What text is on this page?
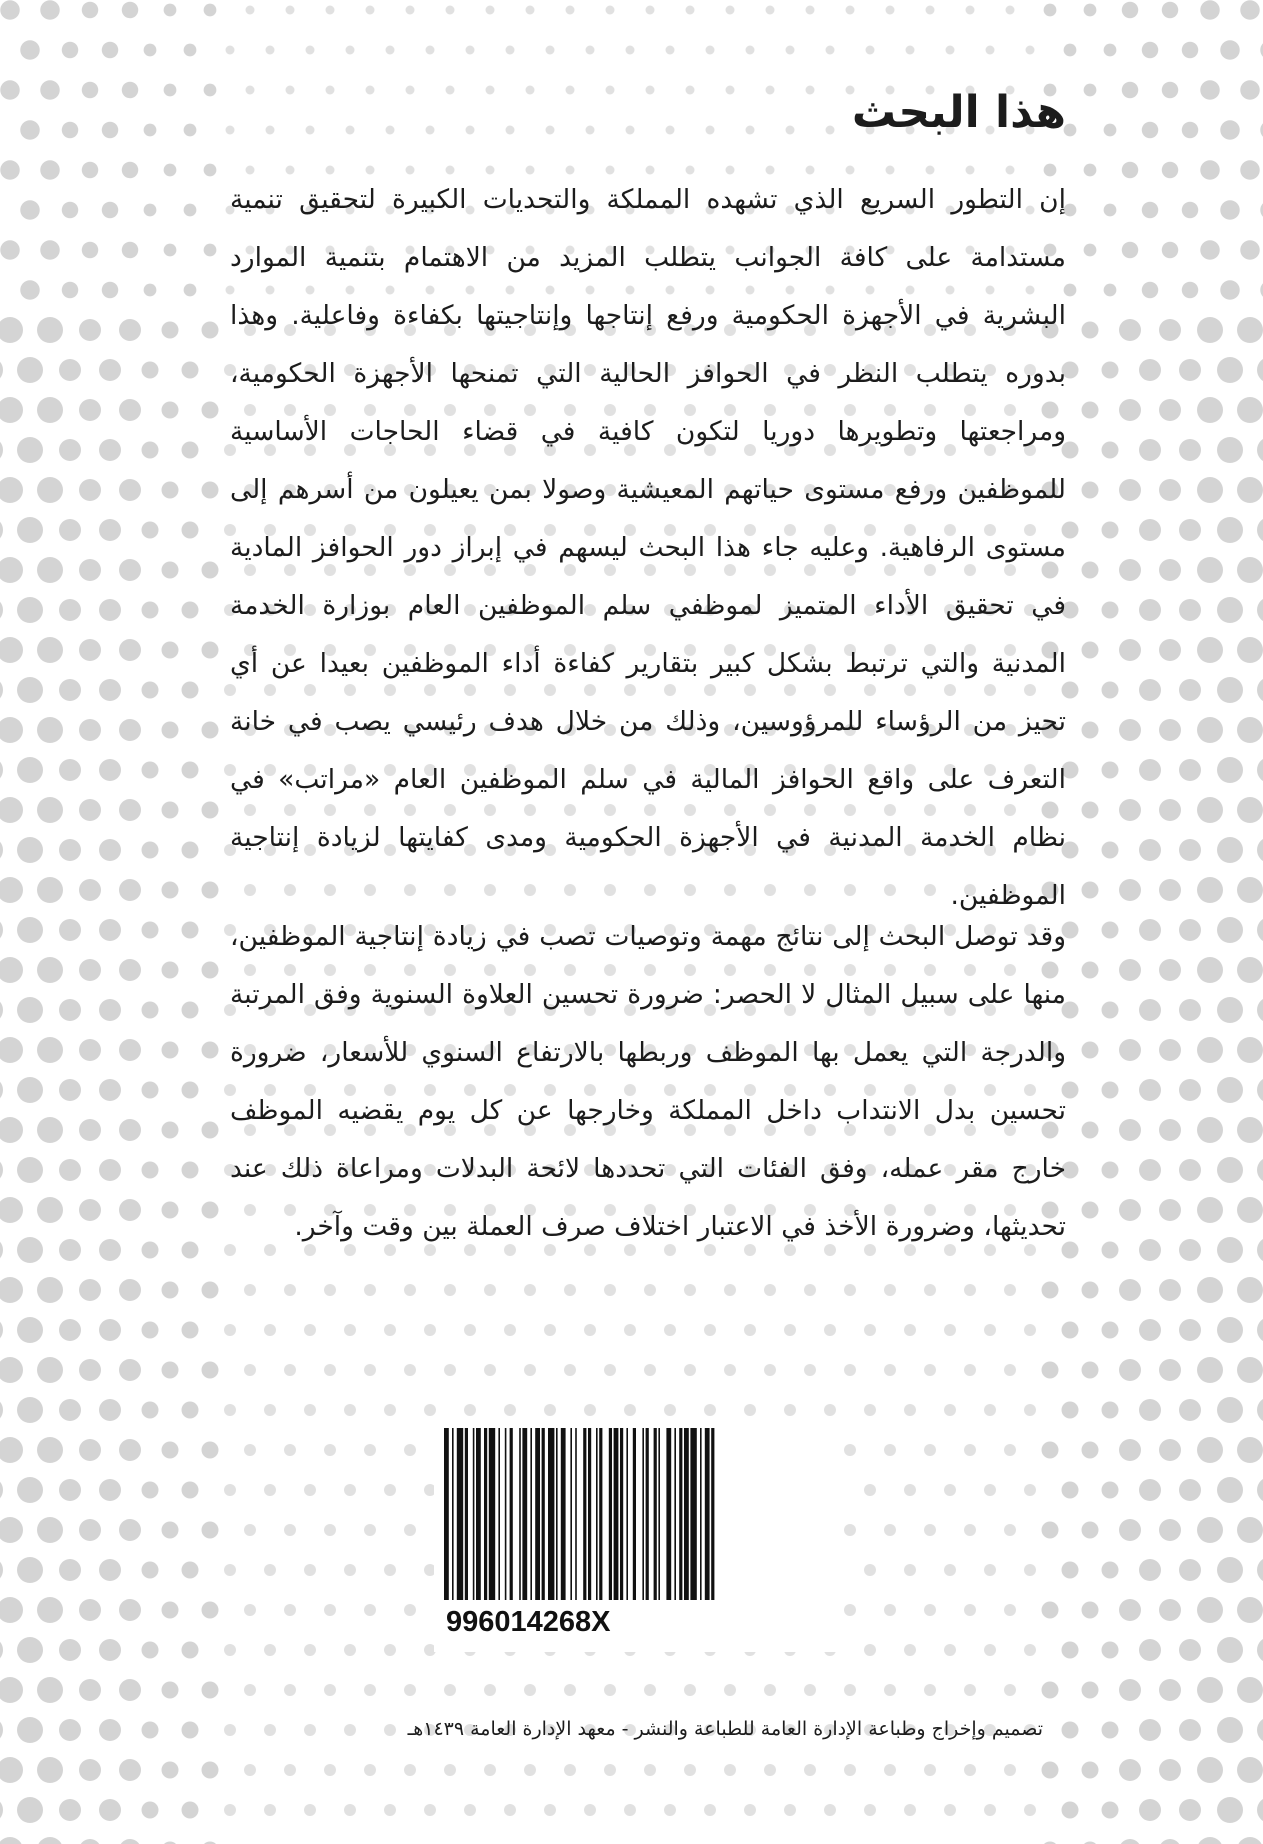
هذا البحث

إن التطور السريع الذي تشهده المملكة والتحديات الكبيرة لتحقيق تنمية مستدامة على كافة الجوانب يتطلب المزيد من الاهتمام بتنمية الموارد البشرية في الأجهزة الحكومية ورفع إنتاجها وإنتاجيتها بكفاءة وفاعلية. وهذا بدوره يتطلب النظر في الحوافز الحالية التي تمنحها الأجهزة الحكومية، ومراجعتها وتطويرها دوريا لتكون كافية في قضاء الحاجات الأساسية للموظفين ورفع مستوى حياتهم المعيشية وصولا بمن يعيلون من أسرهم إلى مستوى الرفاهية. وعليه جاء هذا البحث ليسهم في إبراز دور الحوافز المادية في تحقيق الأداء المتميز لموظفي سلم الموظفين العام بوزارة الخدمة المدنية والتي ترتبط بشكل كبير بتقارير كفاءة أداء الموظفين بعيدا عن أي تحيز من الرؤساء للمرؤوسين، وذلك من خلال هدف رئيسي يصب في خانة التعرف على واقع الحوافز المالية في سلم الموظفين العام «مراتب» في نظام الخدمة المدنية في الأجهزة الحكومية ومدى كفايتها لزيادة إنتاجية الموظفين.

وقد توصل البحث إلى نتائج مهمة وتوصيات تصب في زيادة إنتاجية الموظفين، منها على سبيل المثال لا الحصر: ضرورة تحسين العلاوة السنوية وفق المرتبة والدرجة التي يعمل بها الموظف وربطها بالارتفاع السنوي للأسعار، ضرورة تحسين بدل الانتداب داخل المملكة وخارجها عن كل يوم يقضيه الموظف خارج مقر عمله، وفق الفئات التي تحددها لائحة البدلات ومراعاة ذلك عند تحديثها، وضرورة الأخذ في الاعتبار اختلاف صرف العملة بين وقت وآخر.

996014268X

تصميم وإخراج وطباعة الإدارة العامة للطباعة والنشر - معهد الإدارة العامة ١٤٣٩هـ
